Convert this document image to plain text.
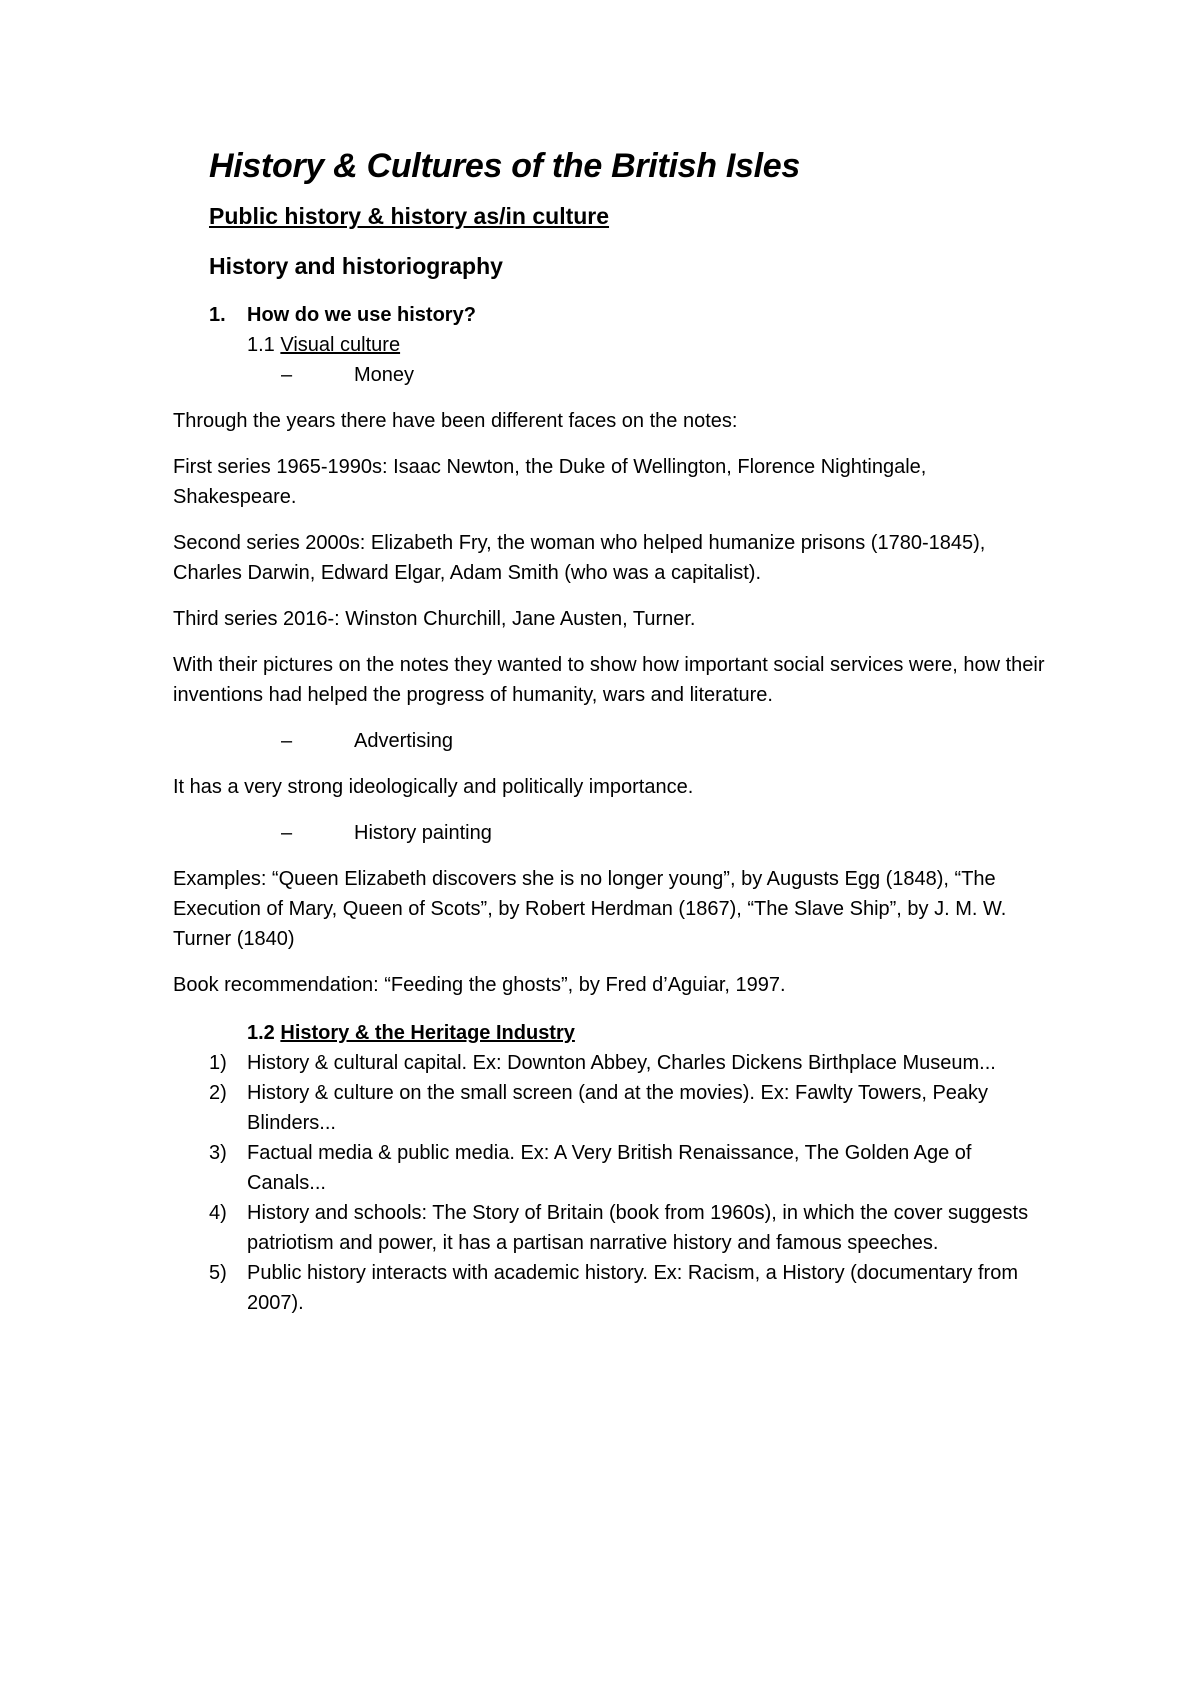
History & Cultures of the British Isles
Public history & history as/in culture
History and historiography
1.	How do we use history?
1.1 Visual culture
–	Money

Through the years there have been different faces on the notes:

First series 1965-1990s: Isaac Newton, the Duke of Wellington, Florence Nightingale, Shakespeare.

Second series 2000s: Elizabeth Fry, the woman who helped humanize prisons (1780-1845), Charles Darwin, Edward Elgar, Adam Smith (who was a capitalist).

Third series 2016-: Winston Churchill, Jane Austen, Turner.

With their pictures on the notes they wanted to show how important social services were, how their inventions had helped the progress of humanity, wars and literature.

–	Advertising

It has a very strong ideologically and politically importance.

–	History painting

Examples: “Queen Elizabeth discovers she is no longer young”, by Augusts Egg (1848), “The Execution of Mary, Queen of Scots”, by Robert Herdman (1867), “The Slave Ship”, by J. M. W. Turner (1840)

Book recommendation: “Feeding the ghosts”, by Fred d’Aguiar, 1997.

1.2 History & the Heritage Industry
1)	History & cultural capital. Ex: Downton Abbey, Charles Dickens Birthplace Museum...
2)	History & culture on the small screen (and at the movies). Ex: Fawlty Towers, Peaky Blinders...
3)	Factual media & public media. Ex: A Very British Renaissance, The Golden Age of Canals...
4)	History and schools: The Story of Britain (book from 1960s), in which the cover suggests patriotism and power, it has a partisan narrative history and famous speeches.
5)	Public history interacts with academic history. Ex: Racism, a History (documentary from 2007).
